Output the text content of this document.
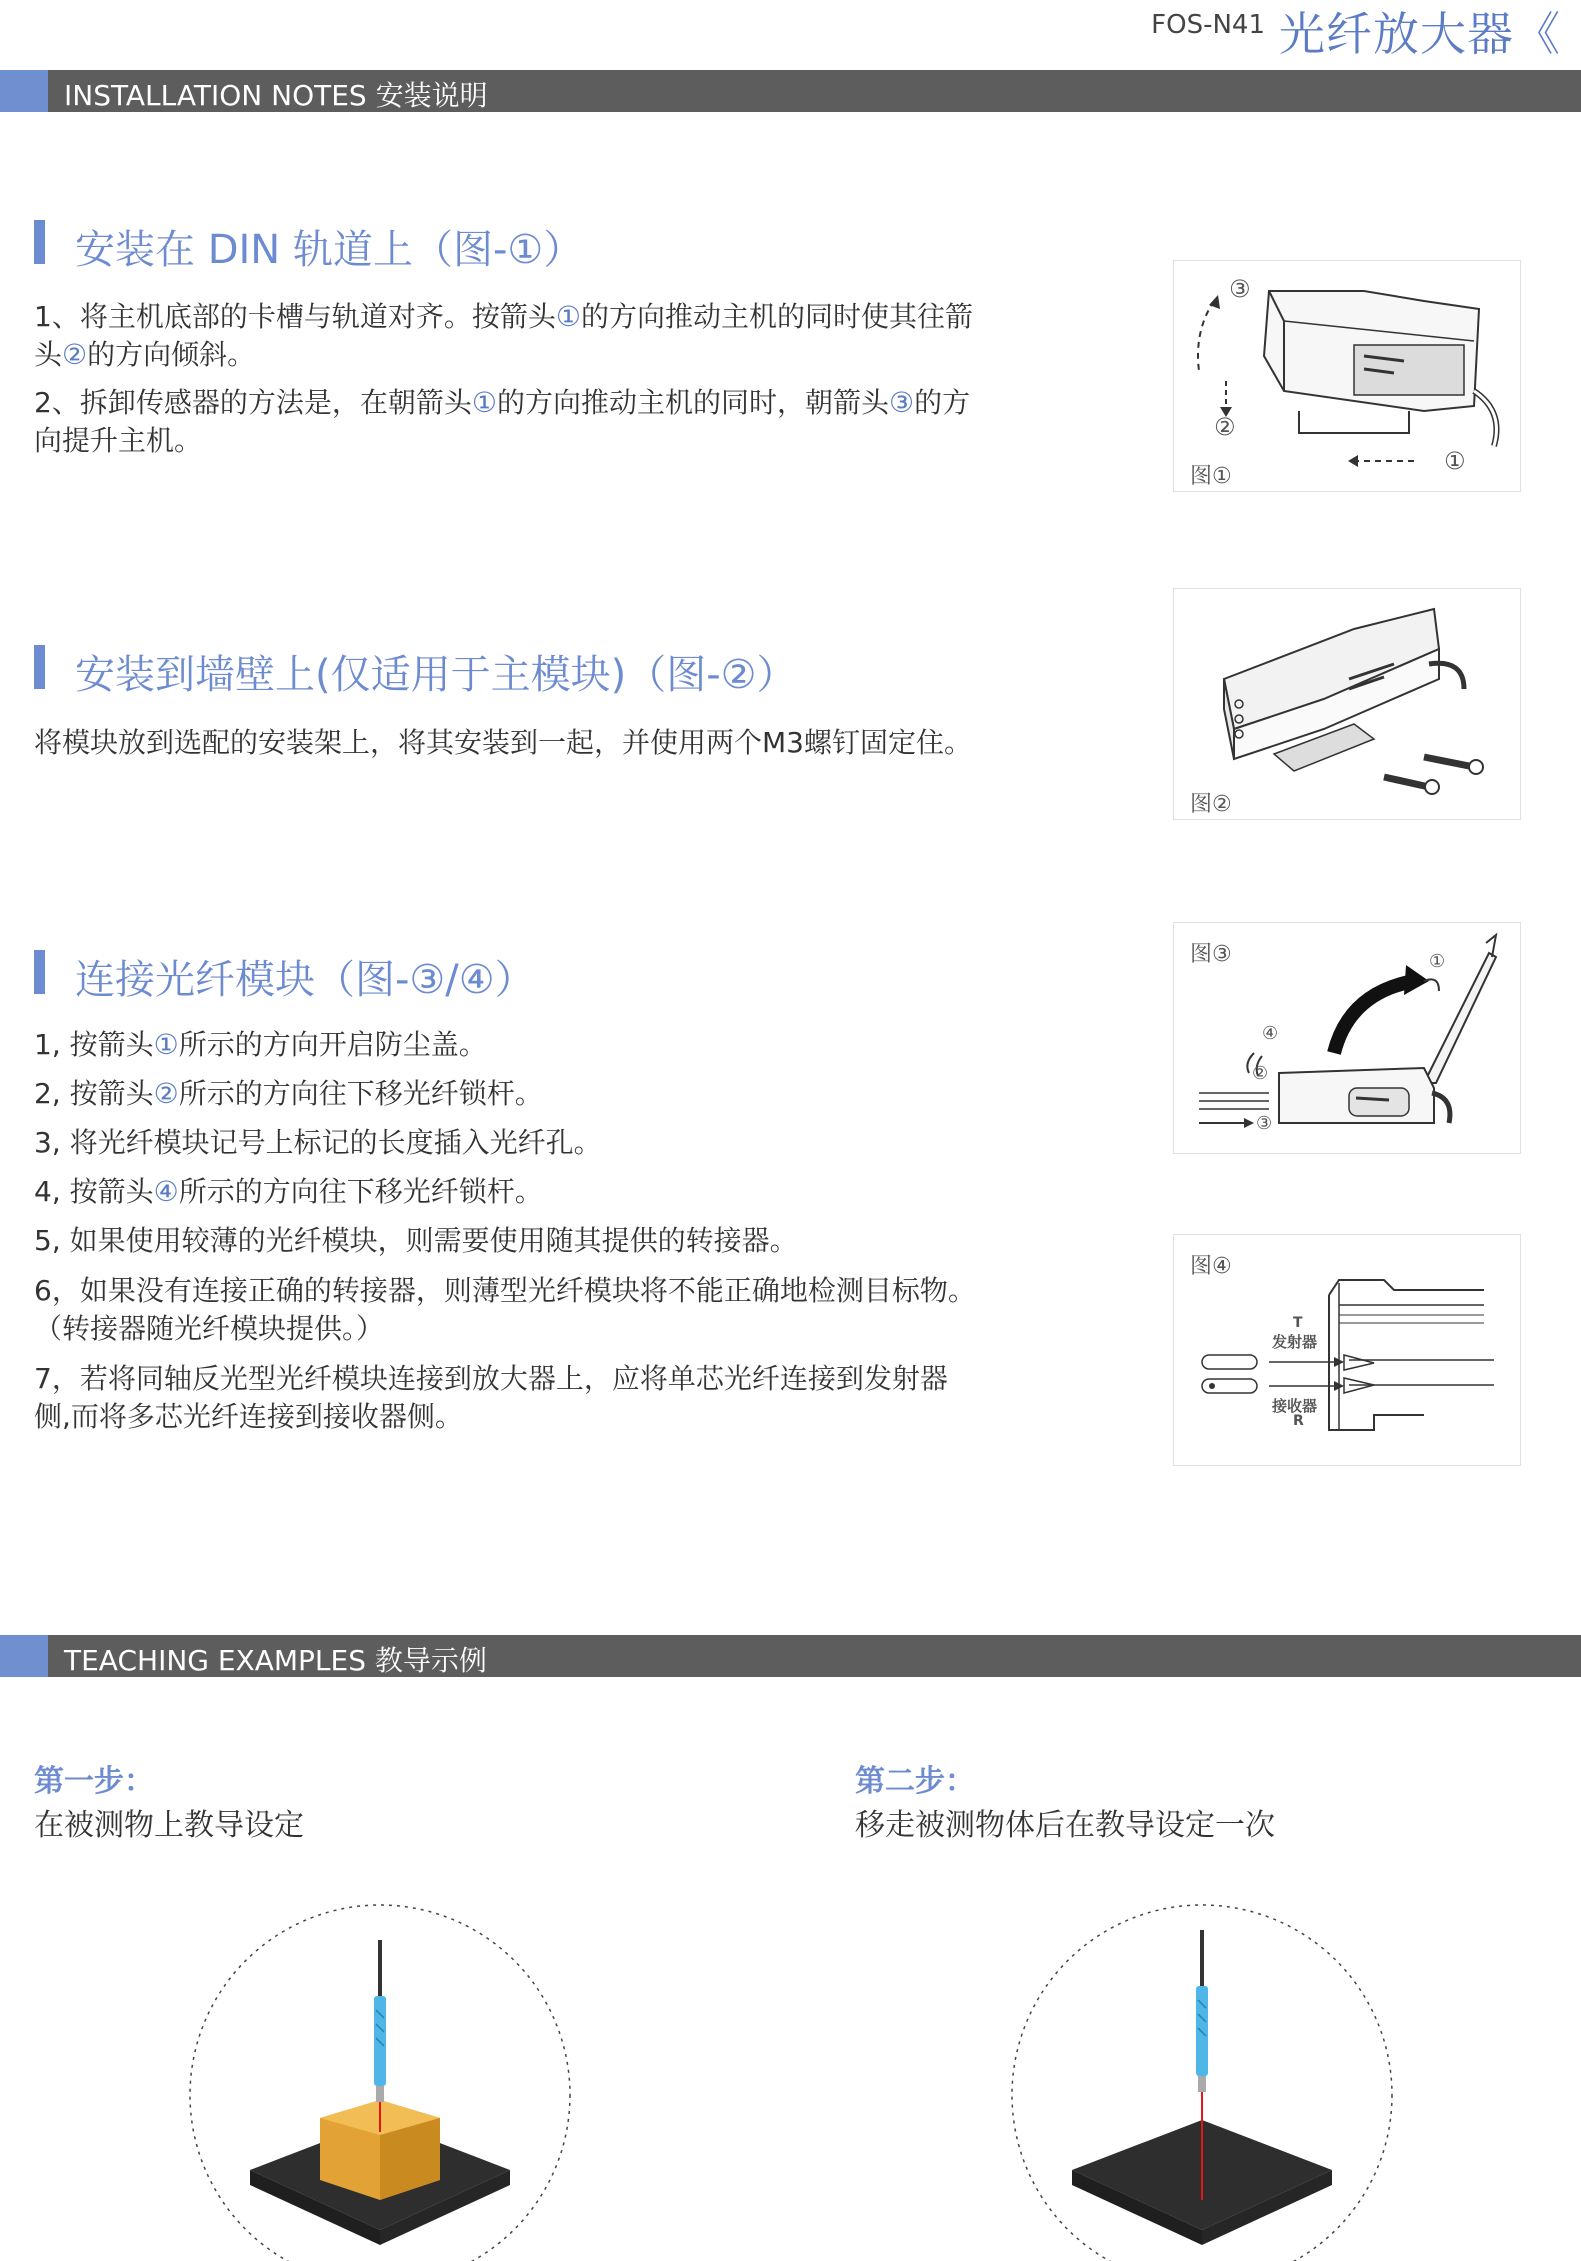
FOS-N41 光纤放大器《
INSTALLATION NOTES 安装说明
安装在 DIN 轨道上（图-①）
1、将主机底部的卡槽与轨道对齐。按箭头①的方向推动主机的同时使其往箭
头②的方向倾斜。
2、拆卸传感器的方法是，在朝箭头①的方向推动主机的同时，朝箭头③的方
向提升主机。
③
②
①
图①
安装到墙壁上(仅适用于主模块)（图-②）
将模块放到选配的安装架上，将其安装到一起，并使用两个M3螺钉固定住。
图②
连接光纤模块（图-③/④）
1, 按箭头①所示的方向开启防尘盖。
2, 按箭头②所示的方向往下移光纤锁杆。
3, 将光纤模块记号上标记的长度插入光纤孔。
4, 按箭头④所示的方向往下移光纤锁杆。
5, 如果使用较薄的光纤模块，则需要使用随其提供的转接器。
6，如果没有连接正确的转接器，则薄型光纤模块将不能正确地检测目标物。
（转接器随光纤模块提供。）
7，若将同轴反光型光纤模块连接到放大器上，应将单芯光纤连接到发射器
侧,而将多芯光纤连接到接收器侧。
①
④
②
③
图③
T
发射器
接收器
R
图④
TEACHING EXAMPLES 教导示例
第一步：
在被测物上教导设定
第二步：
移走被测物体后在教导设定一次
